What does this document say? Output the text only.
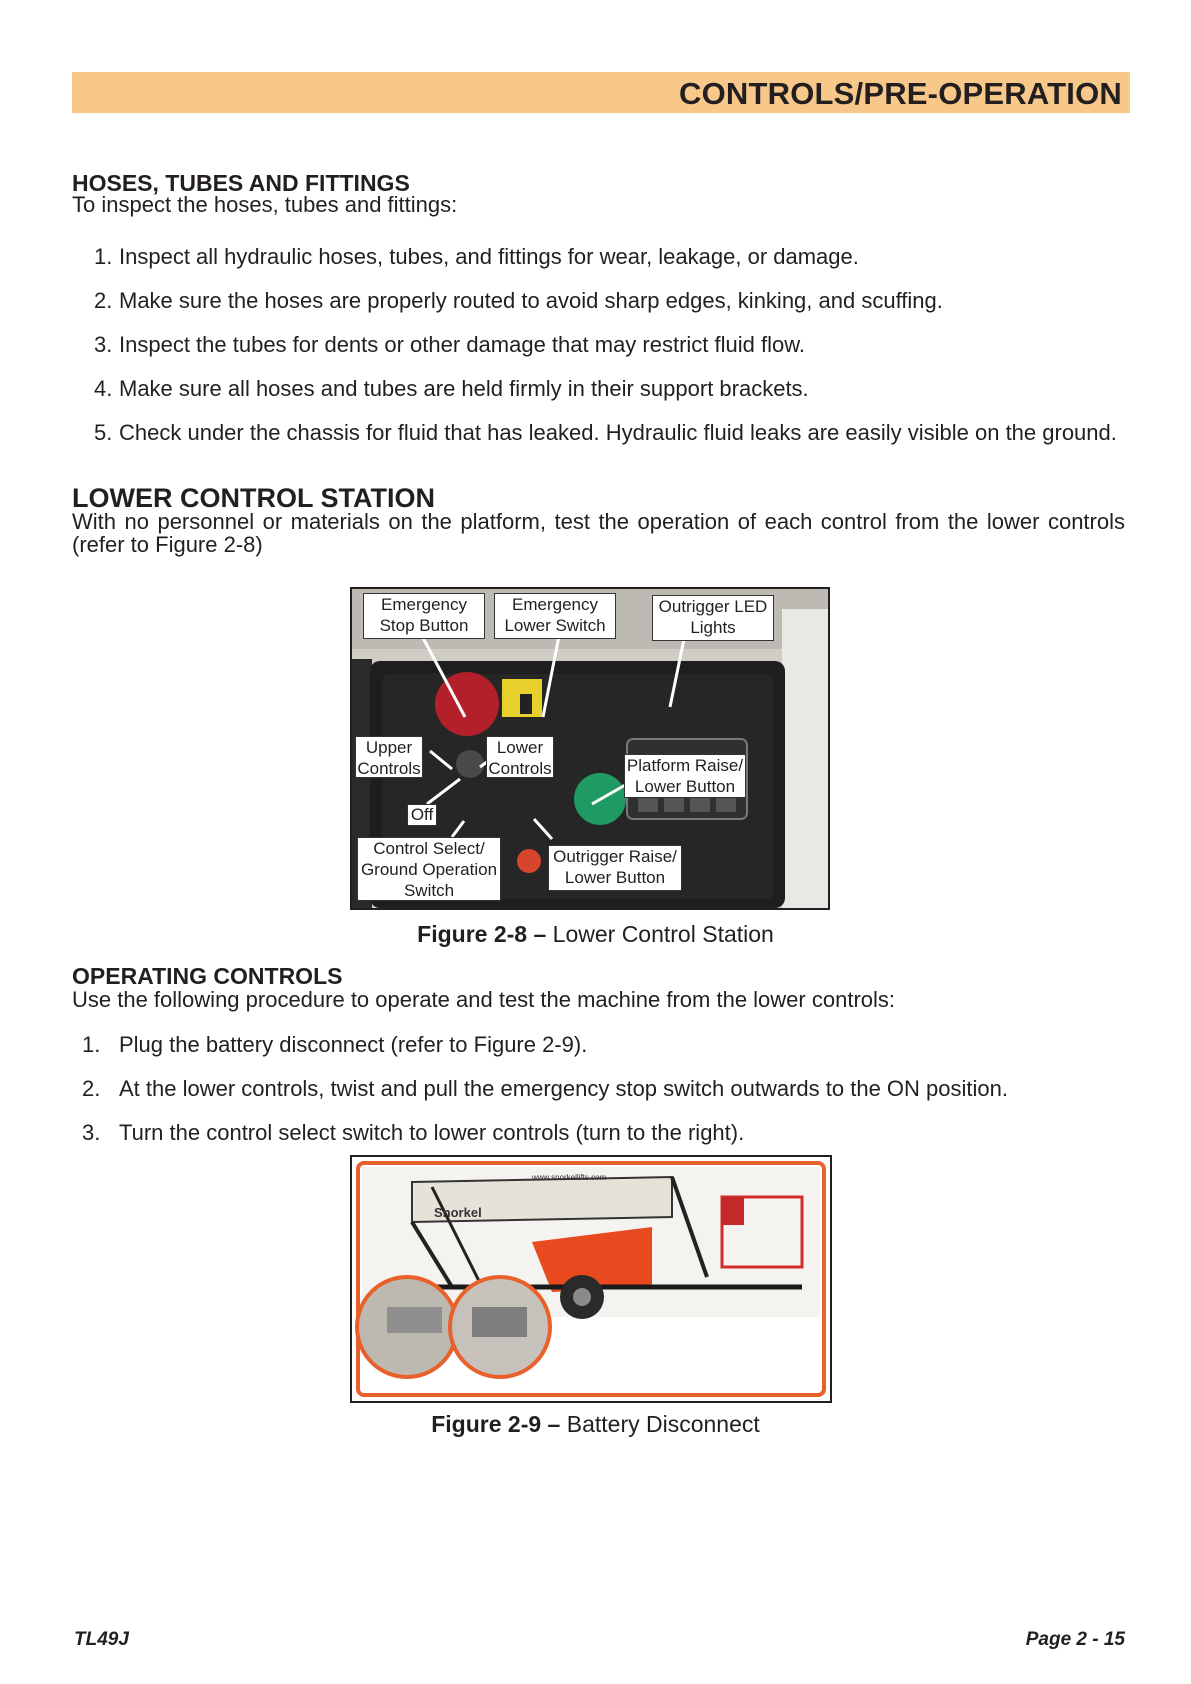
CONTROLS/PRE-OPERATION
HOSES, TUBES AND FITTINGS

To inspect the hoses, tubes and fittings:

1. Inspect all hydraulic hoses, tubes, and fittings for wear, leakage, or damage.
2. Make sure the hoses are properly routed to avoid sharp edges, kinking, and scuffing.
3. Inspect the tubes for dents or other damage that may restrict fluid flow.
4. Make sure all hoses and tubes are held firmly in their support brackets.
5. Check under the chassis for fluid that has leaked. Hydraulic fluid leaks are easily visible on the ground.
LOWER CONTROL STATION

With no personnel or materials on the platform, test the operation of each control from the lower controls (refer to Figure 2-8)

Emergency Stop Button
Emergency Lower Switch
Outrigger LED Lights
Upper Controls
Lower Controls	Platform Raise/ Lower Button
Off
Control Select/ Ground Operation Switch
Outrigger Raise/ Lower Button
Figure 2-8 – Lower Control Station
OPERATING CONTROLS

Use the following procedure to operate and test the machine from the lower controls:

1. Plug the battery disconnect (refer to Figure 2-9).
2. At the lower controls, twist and pull the emergency stop switch outwards to the ON position.
3. Turn the control select switch to lower controls (turn to the right).
www.snorkellifts.com
Snorkel
Figure 2-9 – Battery Disconnect
TL49J	Page 2 - 15
